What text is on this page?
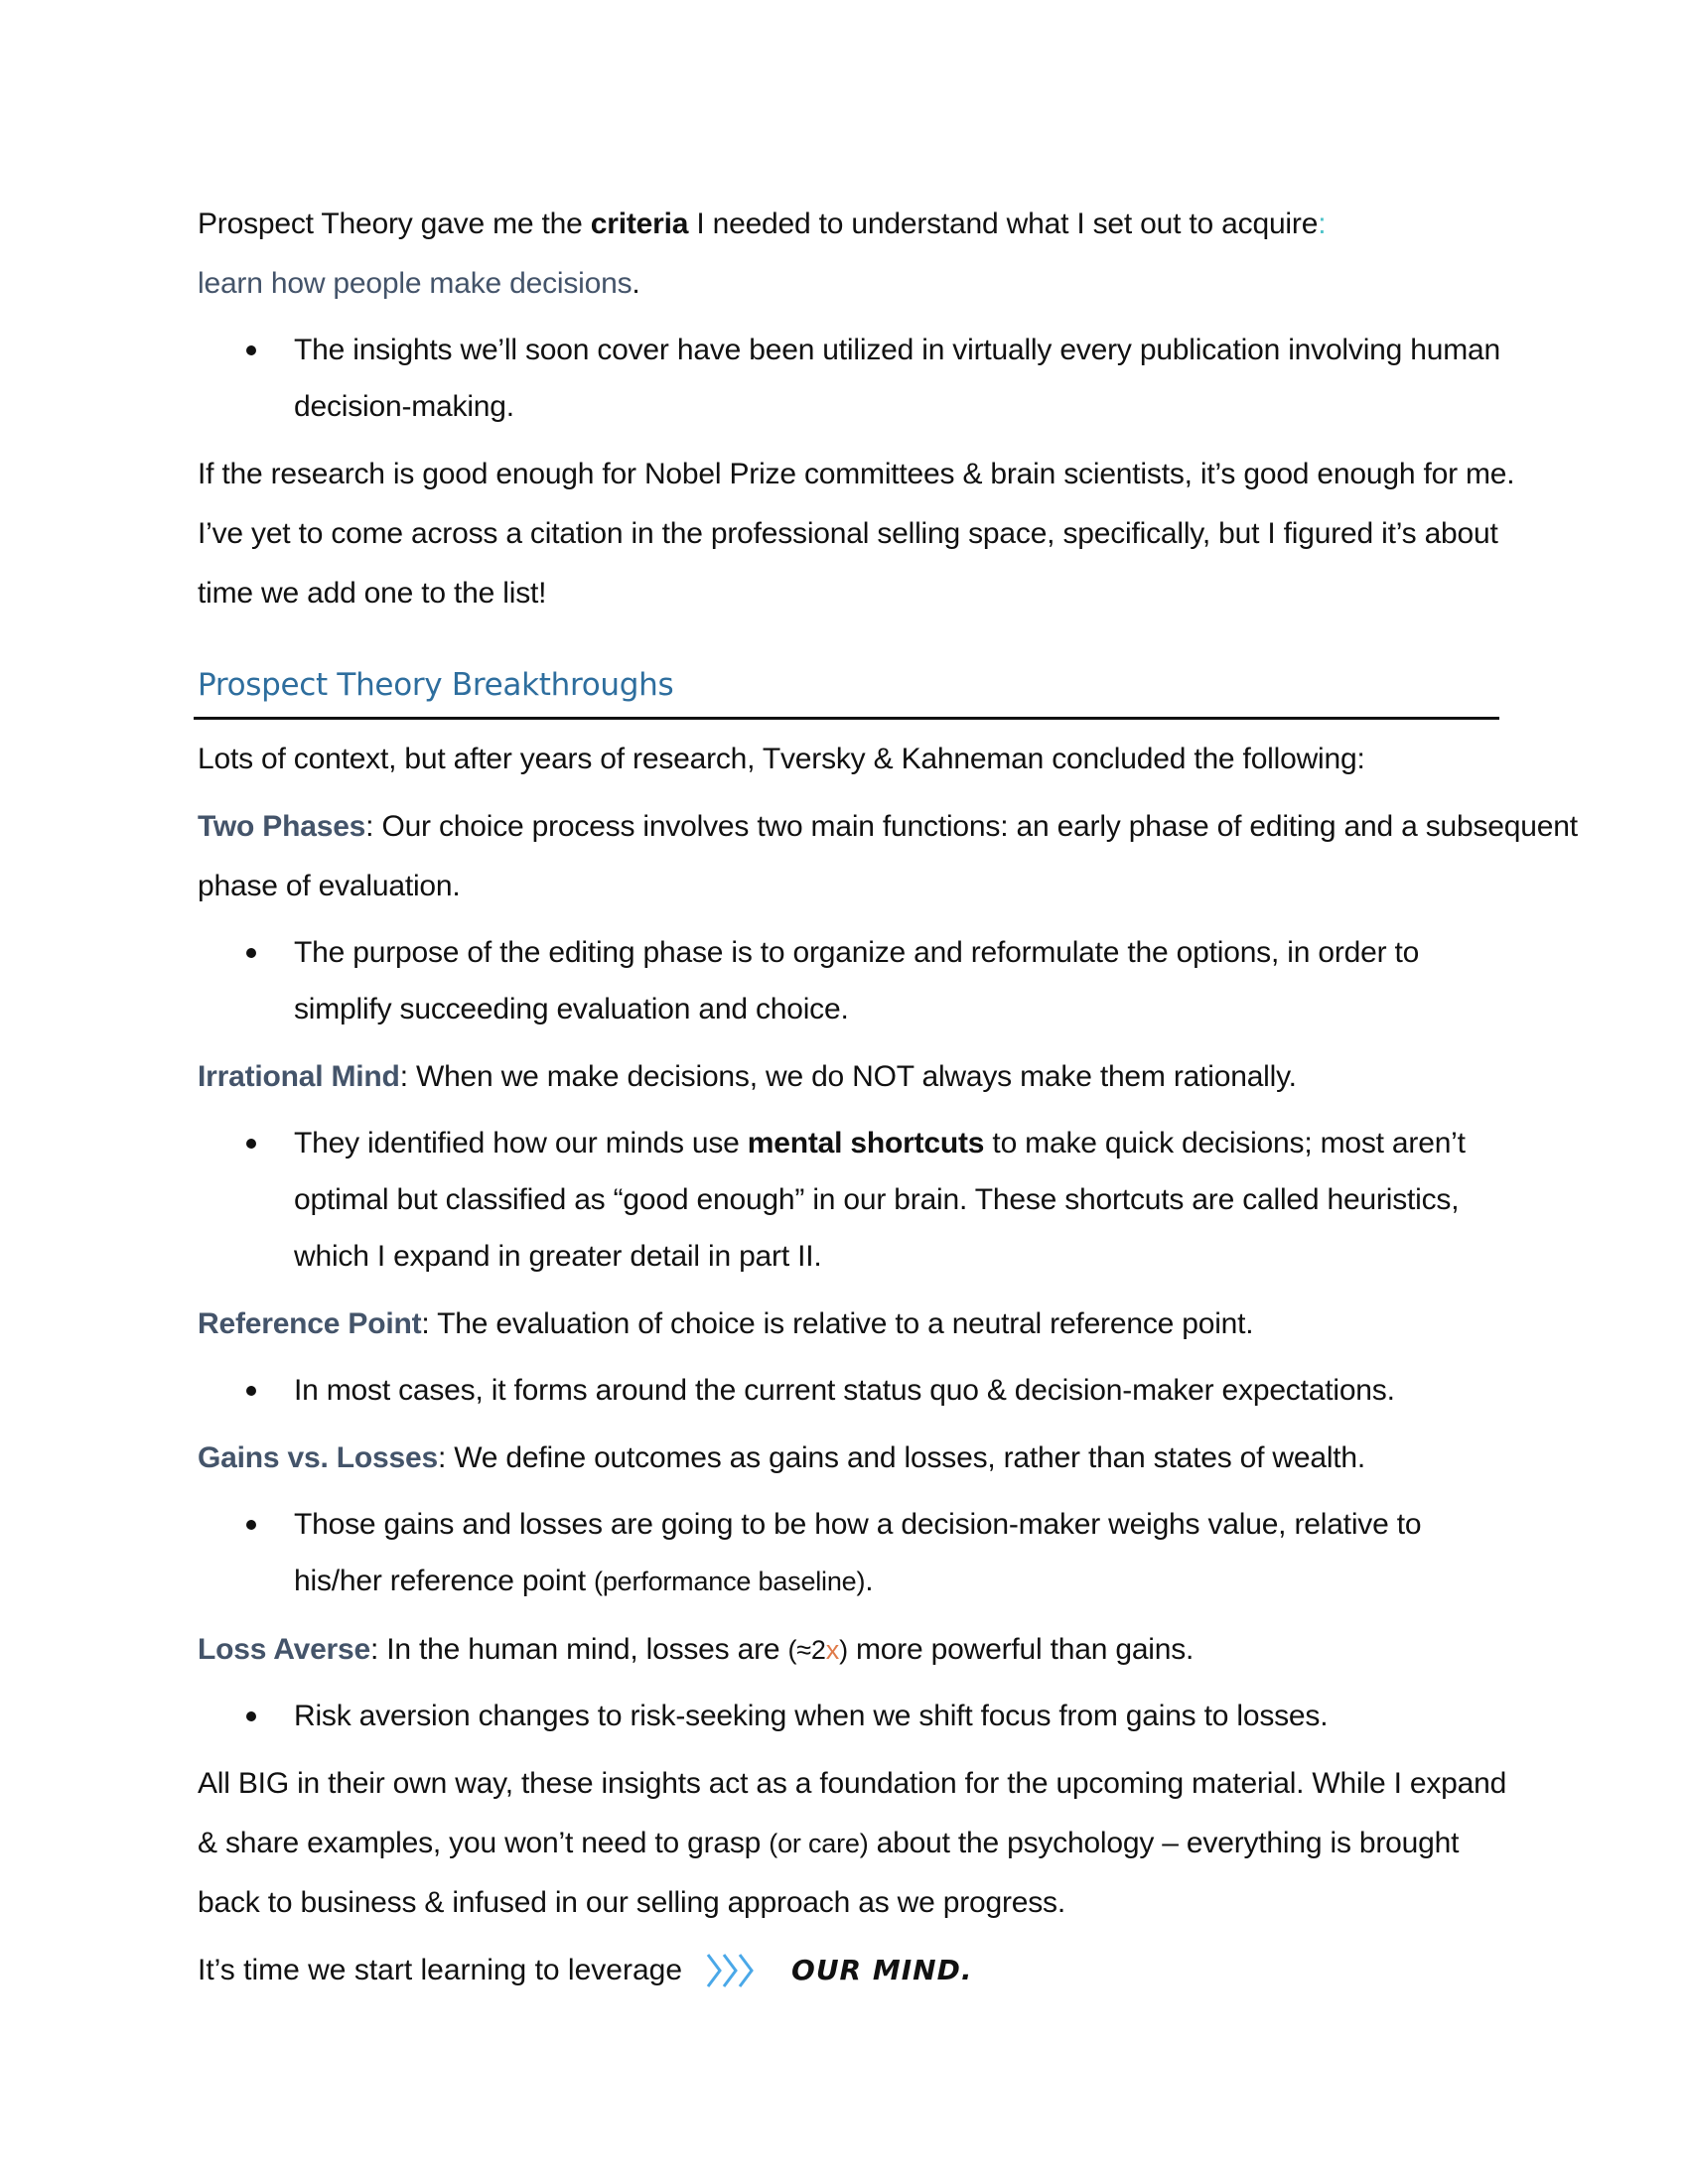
Prospect Theory gave me the criteria I needed to understand what I set out to acquire:
learn how people make decisions.

The insights we’ll soon cover have been utilized in virtually every publication involving human decision-making.

If the research is good enough for Nobel Prize committees & brain scientists, it’s good enough for me. I’ve yet to come across a citation in the professional selling space, specifically, but I figured it’s about time we add one to the list!

Prospect Theory Breakthroughs

Lots of context, but after years of research, Tversky & Kahneman concluded the following:

Two Phases: Our choice process involves two main functions: an early phase of editing and a subsequent phase of evaluation.

The purpose of the editing phase is to organize and reformulate the options, in order to simplify succeeding evaluation and choice.

Irrational Mind: When we make decisions, we do NOT always make them rationally.

They identified how our minds use mental shortcuts to make quick decisions; most aren’t optimal but classified as “good enough” in our brain. These shortcuts are called heuristics, which I expand in greater detail in part II.

Reference Point: The evaluation of choice is relative to a neutral reference point.

In most cases, it forms around the current status quo & decision-maker expectations.

Gains vs. Losses: We define outcomes as gains and losses, rather than states of wealth.

Those gains and losses are going to be how a decision-maker weighs value, relative to his/her reference point (performance baseline).

Loss Averse: In the human mind, losses are (≈2x) more powerful than gains.

Risk aversion changes to risk-seeking when we shift focus from gains to losses.

All BIG in their own way, these insights act as a foundation for the upcoming material. While I expand & share examples, you won’t need to grasp (or care) about the psychology – everything is brought back to business & infused in our selling approach as we progress.

It’s time we start learning to leverage	OUR MIND.
